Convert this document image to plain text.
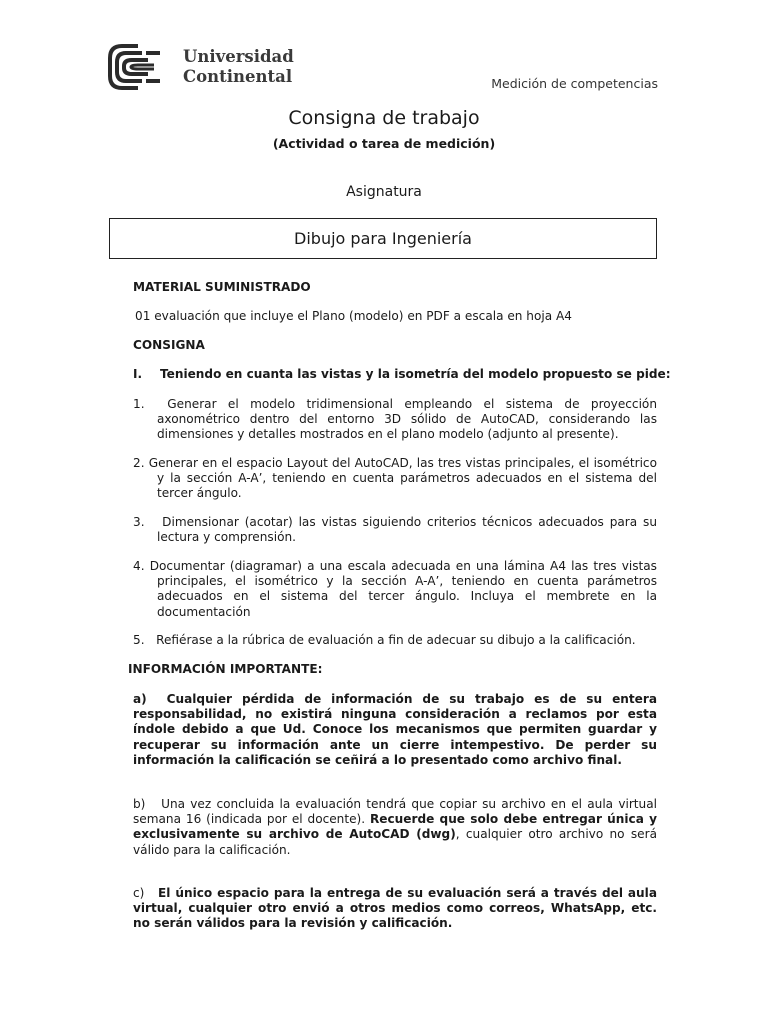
Universidad
Continental	Medición de competencias
Consigna de trabajo
(Actividad o tarea de medición)
Asignatura
Dibujo para Ingeniería
MATERIAL SUMINISTRADO
01 evaluación que incluye el Plano (modelo) en PDF a escala en hoja A4
CONSIGNA
I. Teniendo en cuanta las vistas y la isometría del modelo propuesto se pide:
1. Generar el modelo tridimensional empleando el sistema de proyección axonométrico dentro del entorno 3D sólido de AutoCAD, considerando las dimensiones y detalles mostrados en el plano modelo (adjunto al presente).
2. Generar en el espacio Layout del AutoCAD, las tres vistas principales, el isométrico y la sección A-A’, teniendo en cuenta parámetros adecuados en el sistema del tercer ángulo.
3. Dimensionar (acotar) las vistas siguiendo criterios técnicos adecuados para su lectura y comprensión.
4. Documentar (diagramar) a una escala adecuada en una lámina A4 las tres vistas principales, el isométrico y la sección A-A’, teniendo en cuenta parámetros adecuados en el sistema del tercer ángulo. Incluya el membrete en la documentación
5. Refiérase a la rúbrica de evaluación a fin de adecuar su dibujo a la calificación.
INFORMACIÓN IMPORTANTE:
a) Cualquier pérdida de información de su trabajo es de su entera responsabilidad, no existirá ninguna consideración a reclamos por esta índole debido a que Ud. Conoce los mecanismos que permiten guardar y recuperar su información ante un cierre intempestivo. De perder su información la calificación se ceñirá a lo presentado como archivo final.
b) Una vez concluida la evaluación tendrá que copiar su archivo en el aula virtual semana 16 (indicada por el docente). Recuerde que solo debe entregar única y exclusivamente su archivo de AutoCAD (dwg), cualquier otro archivo no será válido para la calificación.
c) El único espacio para la entrega de su evaluación será a través del aula virtual, cualquier otro envió a otros medios como correos, WhatsApp, etc. no serán válidos para la revisión y calificación.
